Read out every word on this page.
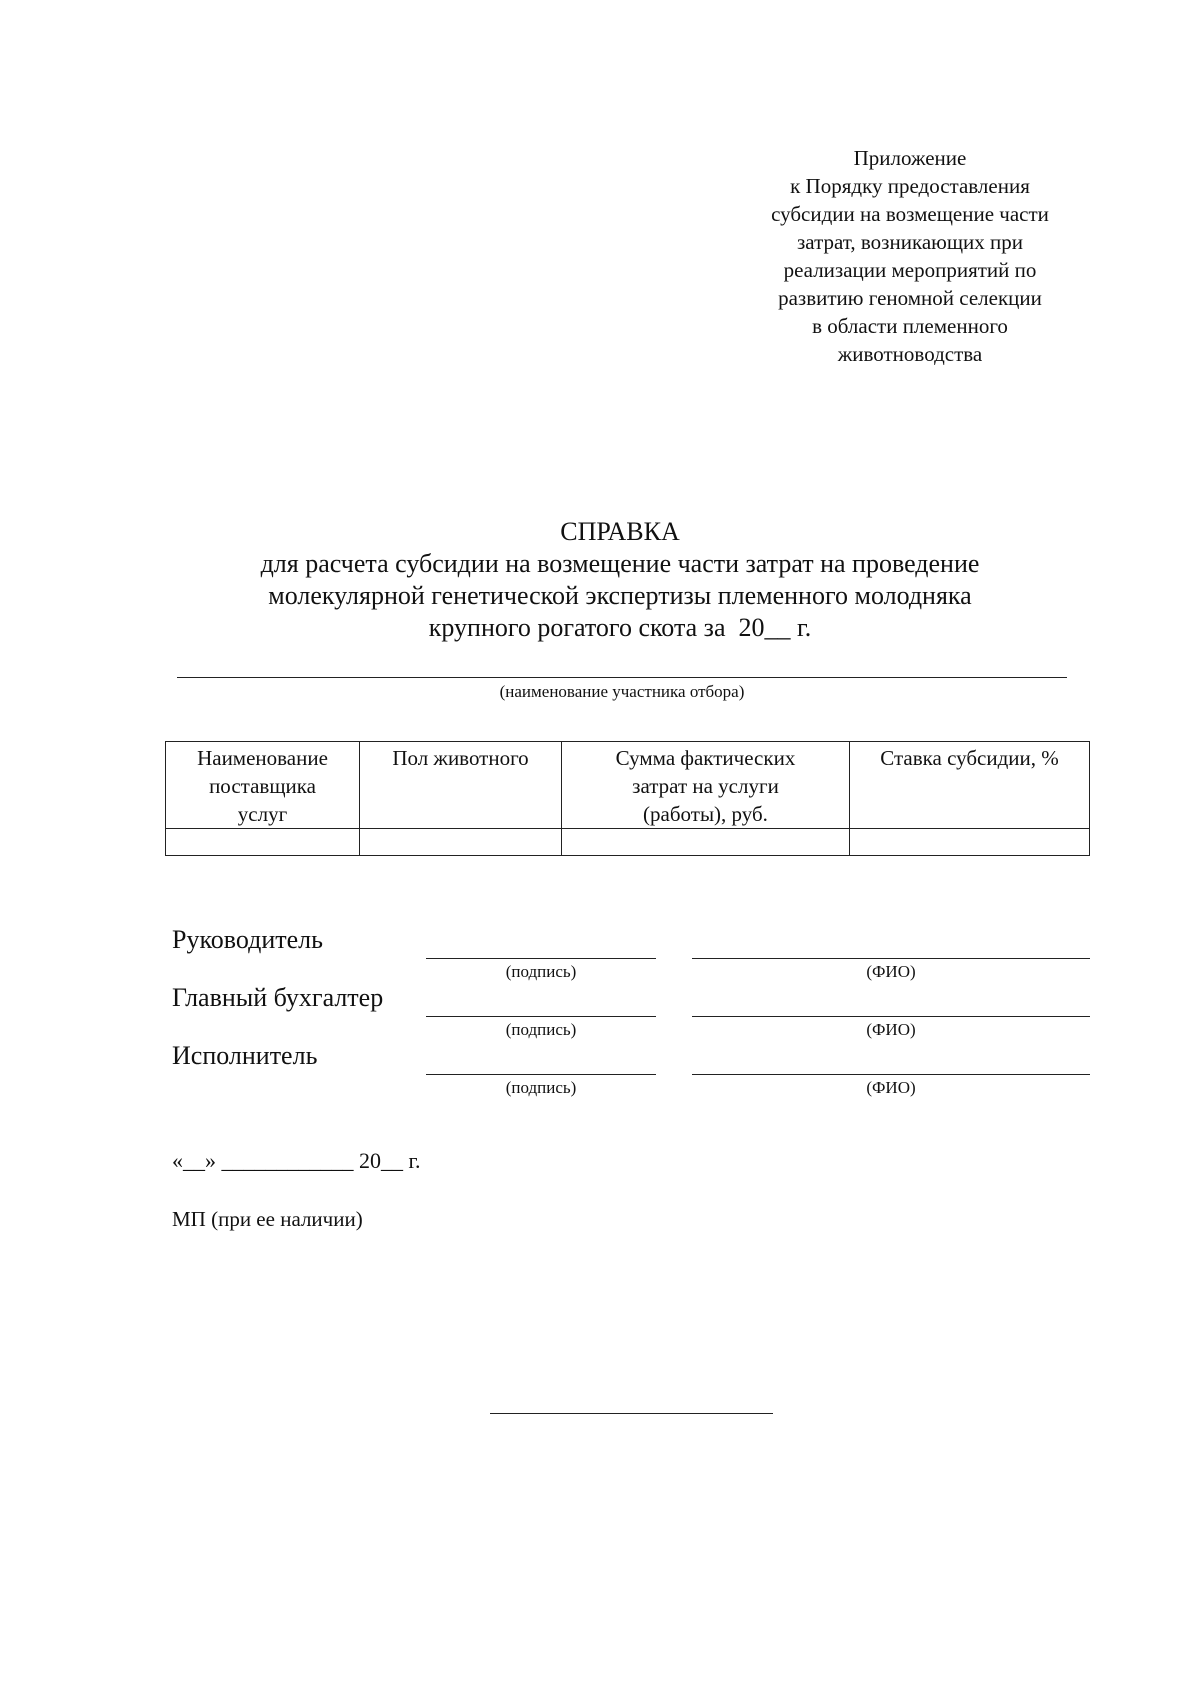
Приложение
к Порядку предоставления
субсидии на возмещение части
затрат, возникающих при
реализации мероприятий по
развитию геномной селекции
в области племенного
животноводства
СПРАВКА
для расчета субсидии на возмещение части затрат на проведение
молекулярной генетической экспертизы племенного молодняка
крупного рогатого скота за 20__ г.
(наименование участника отбора)
Наименование поставщика услуг	Пол животного	Сумма фактических затрат на услуги (работы), руб.	Ставка субсидии, %

Руководитель
(подпись)	(ФИО)
Главный бухгалтер
(подпись)	(ФИО)
Исполнитель
(подпись)	(ФИО)
«__» ____________ 20__ г.
МП (при ее наличии)
